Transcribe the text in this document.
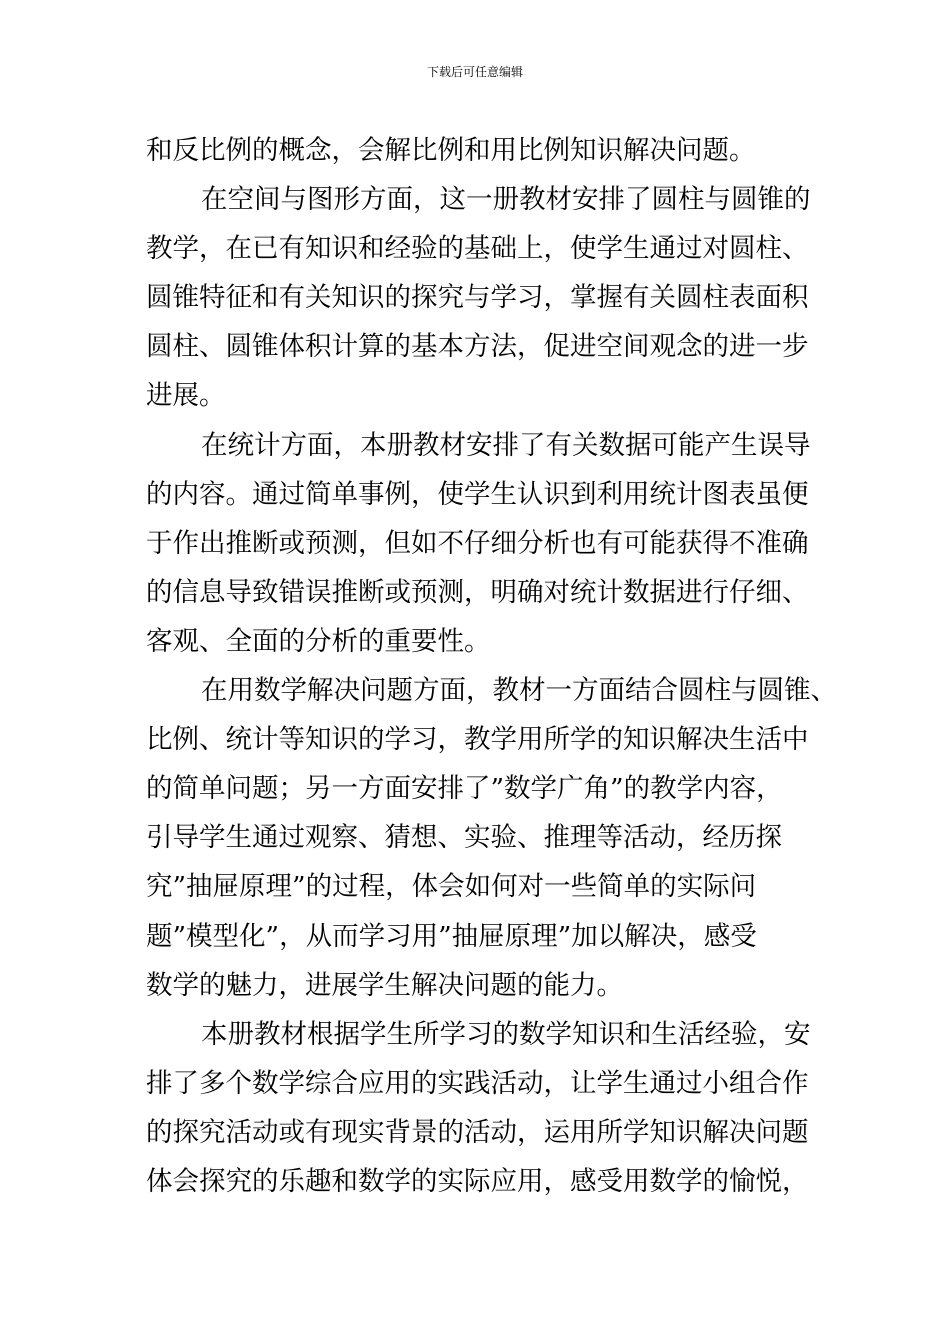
下载后可任意编辑
和反比例的概念，会解比例和用比例知识解决问题。
在空间与图形方面，这一册教材安排了圆柱与圆锥的
教学，在已有知识和经验的基础上，使学生通过对圆柱、
圆锥特征和有关知识的探究与学习，掌握有关圆柱表面积
圆柱、圆锥体积计算的基本方法，促进空间观念的进一步
进展。
在统计方面，本册教材安排了有关数据可能产生误导
的内容。通过简单事例，使学生认识到利用统计图表虽便
于作出推断或预测，但如不仔细分析也有可能获得不准确
的信息导致错误推断或预测，明确对统计数据进行仔细、
客观、全面的分析的重要性。
在用数学解决问题方面，教材一方面结合圆柱与圆锥、
比例、统计等知识的学习，教学用所学的知识解决生活中
的简单问题；另一方面安排了”数学广角”的教学内容，
引导学生通过观察、猜想、实验、推理等活动，经历探
究”抽屉原理”的过程，体会如何对一些简单的实际问
题”模型化”，从而学习用”抽屉原理”加以解决，感受
数学的魅力，进展学生解决问题的能力。
本册教材根据学生所学习的数学知识和生活经验，安
排了多个数学综合应用的实践活动，让学生通过小组合作
的探究活动或有现实背景的活动，运用所学知识解决问题
体会探究的乐趣和数学的实际应用，感受用数学的愉悦，
